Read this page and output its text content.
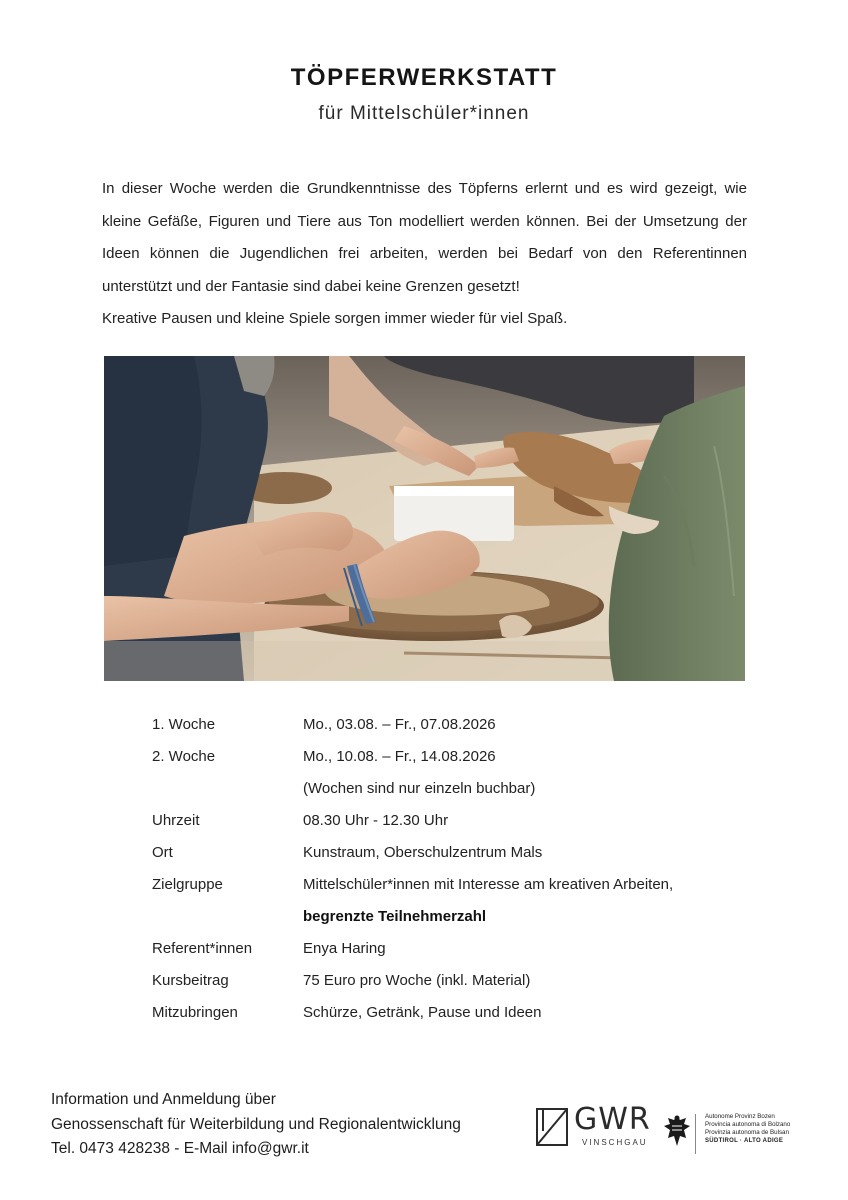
TÖPFERWERKSTATT
für Mittelschüler*innen

In dieser Woche werden die Grundkenntnisse des Töpferns erlernt und es wird gezeigt, wie kleine Gefäße, Figuren und Tiere aus Ton modelliert werden können. Bei der Umsetzung der Ideen können die Jugendlichen frei arbeiten, werden bei Bedarf von den Referentinnen unterstützt und der Fantasie sind dabei keine Grenzen gesetzt!

Kreative Pausen und kleine Spiele sorgen immer wieder für viel Spaß.

1. Woche	Mo., 03.08. – Fr., 07.08.2026
2. Woche	Mo., 10.08. – Fr., 14.08.2026
(Wochen sind nur einzeln buchbar)
Uhrzeit	08.30 Uhr - 12.30 Uhr
Ort	Kunstraum, Oberschulzentrum Mals
Zielgruppe	Mittelschüler*innen mit Interesse am kreativen Arbeiten,
begrenzte Teilnehmerzahl
Referent*innen	Enya Haring
Kursbeitrag	75 Euro pro Woche (inkl. Material)
Mitzubringen	Schürze, Getränk, Pause und Ideen
Information und Anmeldung über
Genossenschaft für Weiterbildung und Regionalentwicklung
Tel. 0473 428238 - E-Mail info@gwr.it
GWR
VINSCHGAU
Autonome Provinz Bozen
Provincia autonoma di Bolzano
Provinzia autonoma de Bulsan
SÜDTIROL · ALTO ADIGE
